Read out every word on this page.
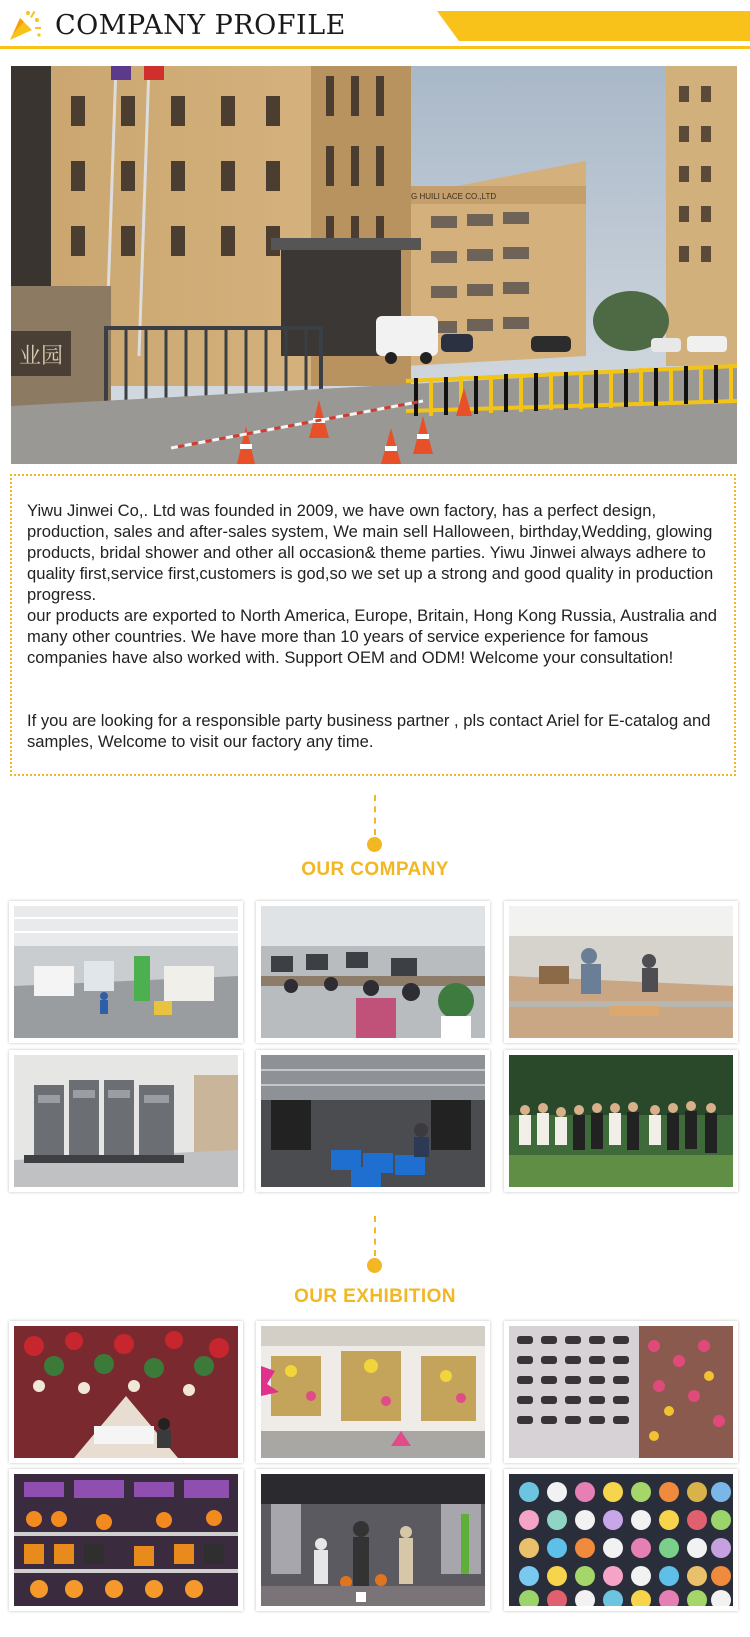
COMPANY PROFILE
G HUILI LACE CO.,LTD
业园

Yiwu Jinwei Co,. Ltd was founded in 2009, we have own factory, has a perfect design, production, sales and after-sales system, We main sell Halloween, birthday,Wedding, glowing products, bridal shower and other all occasion& theme parties. Yiwu Jinwei always adhere to quality first,service first,customers is god,so we set up a strong and good quality in production progress.

our products are exported to North America, Europe, Britain, Hong Kong Russia, Australia and many other countries. We have more than 10 years of service experience for famous companies have also worked with. Support OEM and ODM! Welcome your consultation!

If you are looking for a responsible party business partner , pls contact Ariel for E-catalog and samples, Welcome to visit our factory any time.

OUR COMPANY
OUR EXHIBITION
